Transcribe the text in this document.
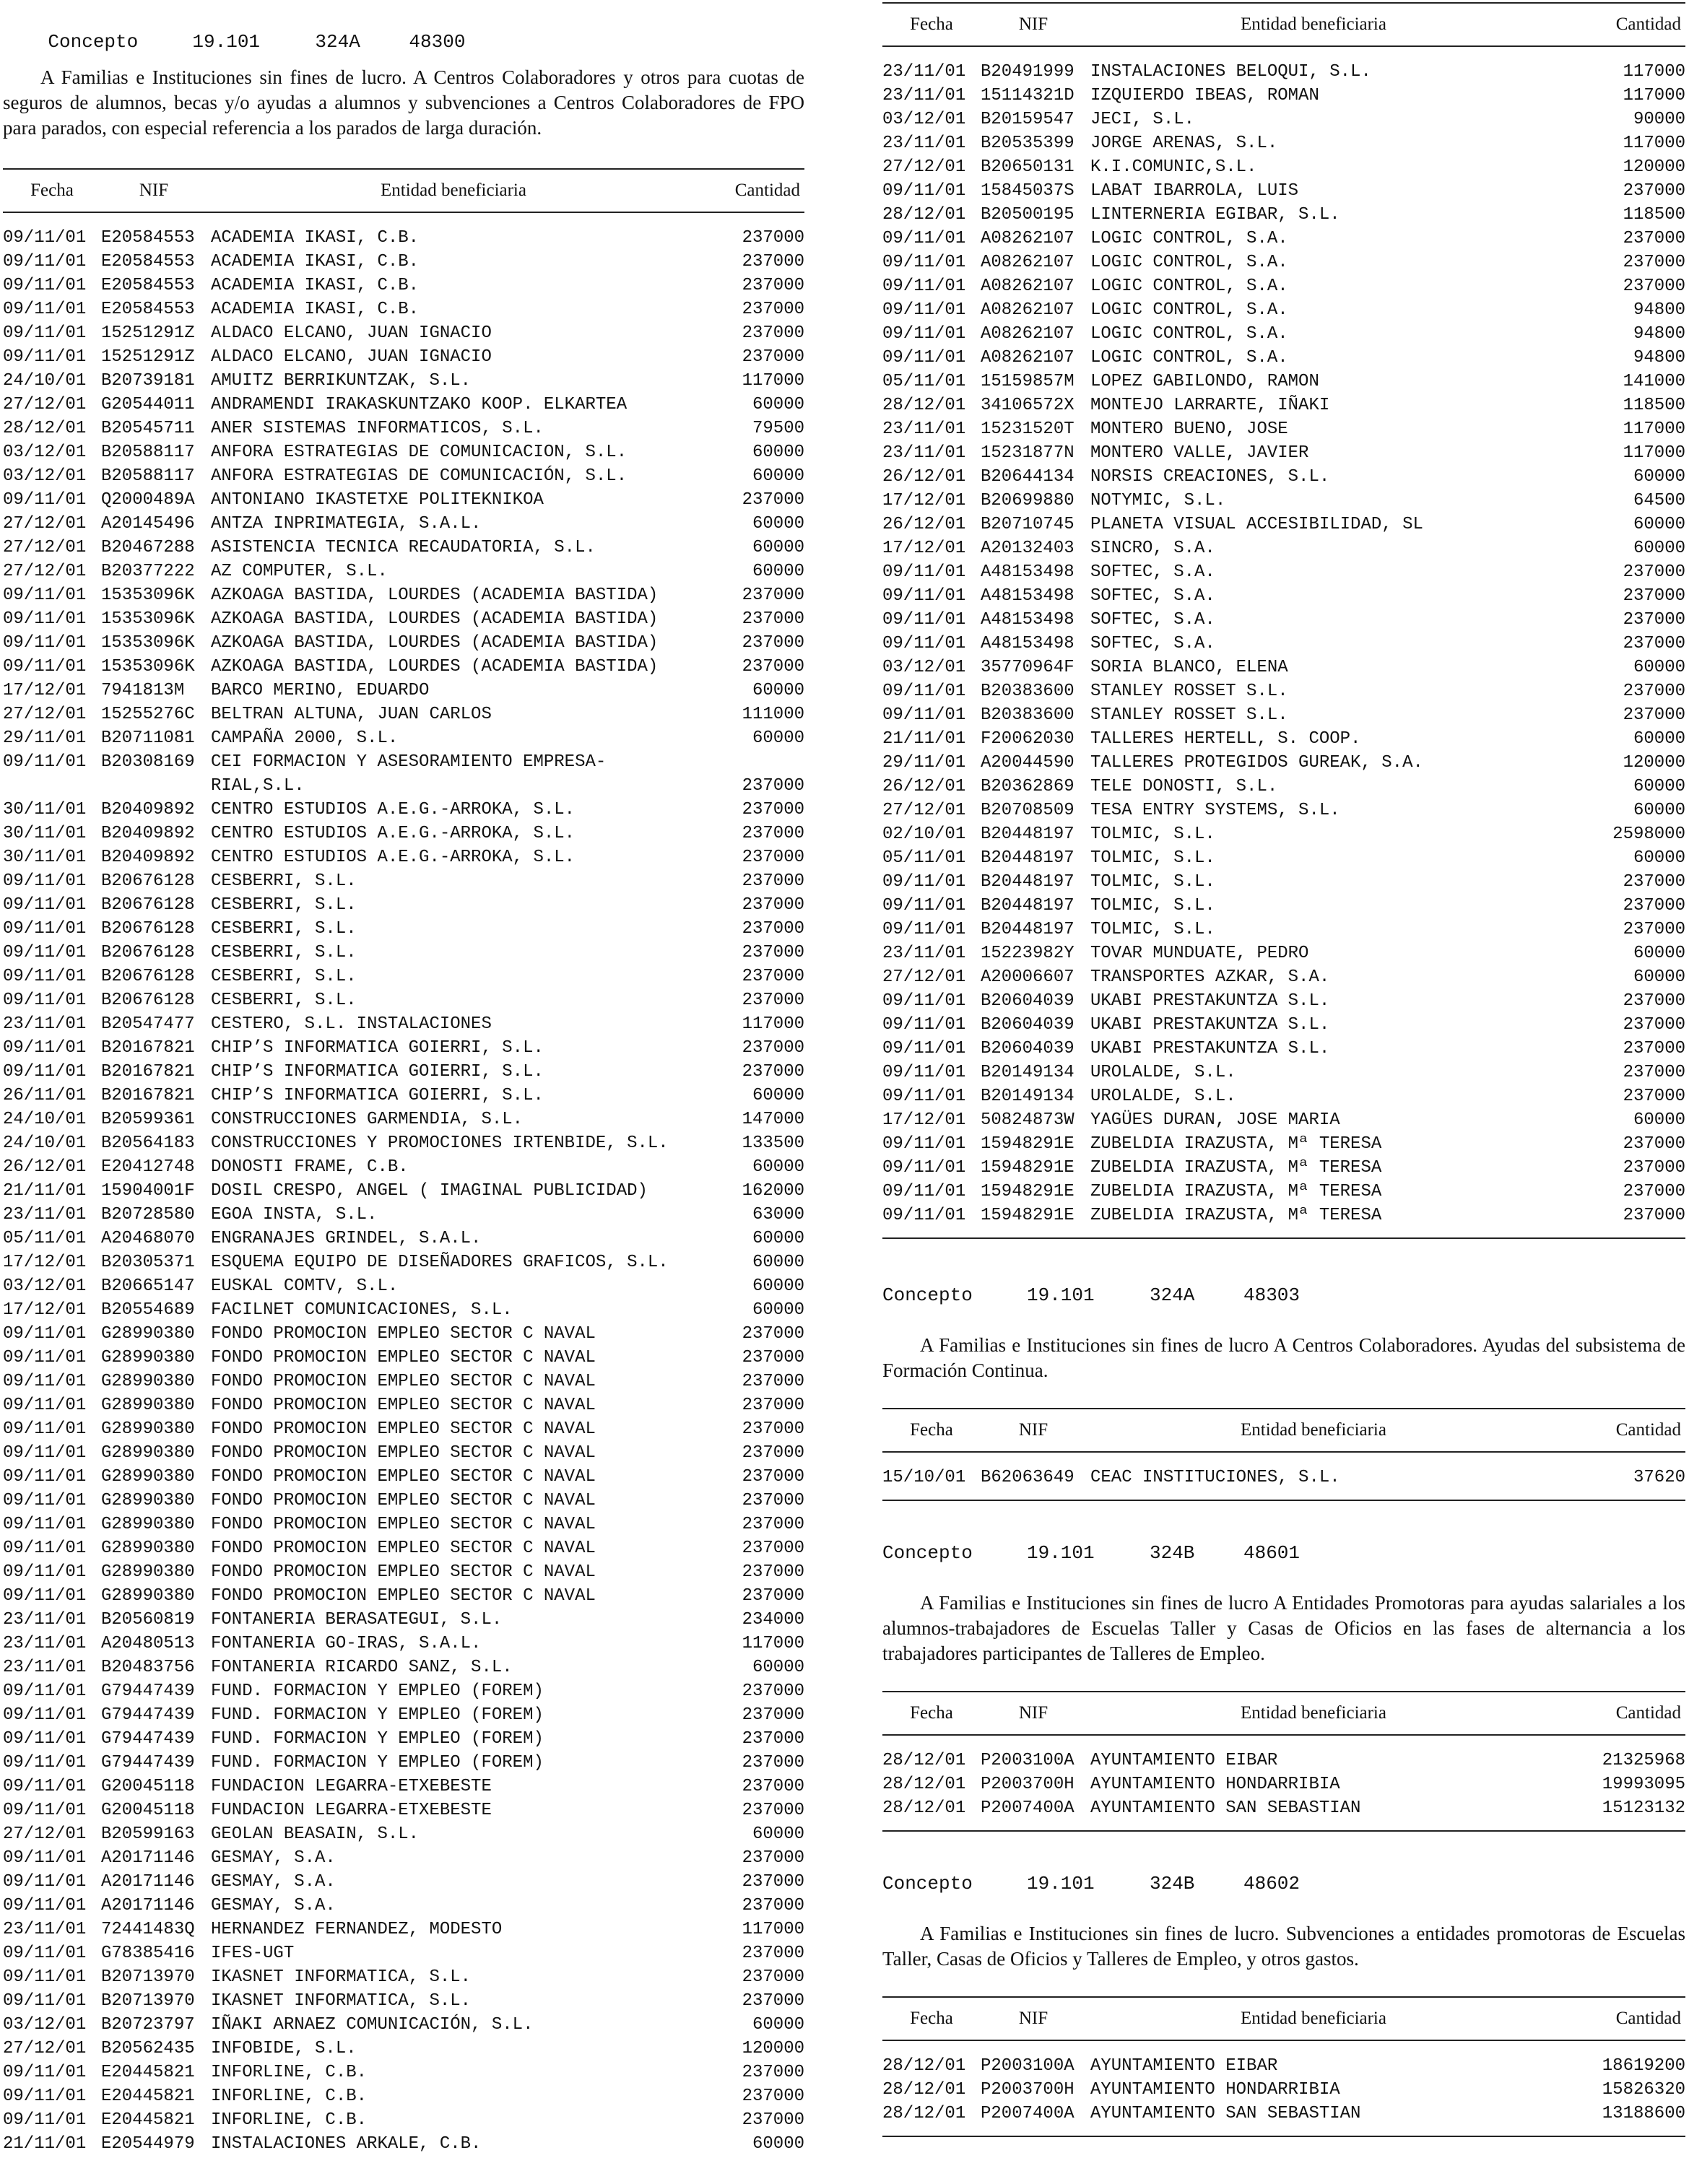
Concepto	19.101	324A	48300

A Familias e Instituciones sin fines de lucro. A Centros Colaboradores y otros para cuotas de seguros de alumnos, becas y/o ayudas a alumnos y subvenciones a Centros Colaboradores de FPO para parados, con especial referencia a los parados de larga duración.

Fecha	NIF	Entidad beneficiaria	Cantidad
09/11/01	E20584553	ACADEMIA IKASI, C.B.	237000
09/11/01	E20584553	ACADEMIA IKASI, C.B.	237000
09/11/01	E20584553	ACADEMIA IKASI, C.B.	237000
09/11/01	E20584553	ACADEMIA IKASI, C.B.	237000
09/11/01	15251291Z	ALDACO ELCANO, JUAN IGNACIO	237000
09/11/01	15251291Z	ALDACO ELCANO, JUAN IGNACIO	237000
24/10/01	B20739181	AMUITZ BERRIKUNTZAK, S.L.	117000
27/12/01	G20544011	ANDRAMENDI IRAKASKUNTZAKO KOOP. ELKARTEA	60000
28/12/01	B20545711	ANER SISTEMAS INFORMATICOS, S.L.	79500
03/12/01	B20588117	ANFORA ESTRATEGIAS DE COMUNICACION, S.L.	60000
03/12/01	B20588117	ANFORA ESTRATEGIAS DE COMUNICACIÓN, S.L.	60000
09/11/01	Q2000489A	ANTONIANO IKASTETXE POLITEKNIKOA	237000
27/12/01	A20145496	ANTZA INPRIMATEGIA, S.A.L.	60000
27/12/01	B20467288	ASISTENCIA TECNICA RECAUDATORIA, S.L.	60000
27/12/01	B20377222	AZ COMPUTER, S.L.	60000
09/11/01	15353096K	AZKOAGA BASTIDA, LOURDES (ACADEMIA BASTIDA)	237000
09/11/01	15353096K	AZKOAGA BASTIDA, LOURDES (ACADEMIA BASTIDA)	237000
09/11/01	15353096K	AZKOAGA BASTIDA, LOURDES (ACADEMIA BASTIDA)	237000
09/11/01	15353096K	AZKOAGA BASTIDA, LOURDES (ACADEMIA BASTIDA)	237000
17/12/01	7941813M	BARCO MERINO, EDUARDO	60000
27/12/01	15255276C	BELTRAN ALTUNA, JUAN CARLOS	111000
29/11/01	B20711081	CAMPAÑA 2000, S.L.	60000
09/11/01	B20308169	CEI FORMACION Y ASESORAMIENTO EMPRESA-
RIAL,S.L.	237000
30/11/01	B20409892	CENTRO ESTUDIOS A.E.G.-ARROKA, S.L.	237000
30/11/01	B20409892	CENTRO ESTUDIOS A.E.G.-ARROKA, S.L.	237000
30/11/01	B20409892	CENTRO ESTUDIOS A.E.G.-ARROKA, S.L.	237000
09/11/01	B20676128	CESBERRI, S.L.	237000
09/11/01	B20676128	CESBERRI, S.L.	237000
09/11/01	B20676128	CESBERRI, S.L.	237000
09/11/01	B20676128	CESBERRI, S.L.	237000
09/11/01	B20676128	CESBERRI, S.L.	237000
09/11/01	B20676128	CESBERRI, S.L.	237000
23/11/01	B20547477	CESTERO, S.L. INSTALACIONES	117000
09/11/01	B20167821	CHIP’S INFORMATICA GOIERRI, S.L.	237000
09/11/01	B20167821	CHIP’S INFORMATICA GOIERRI, S.L.	237000
26/11/01	B20167821	CHIP’S INFORMATICA GOIERRI, S.L.	60000
24/10/01	B20599361	CONSTRUCCIONES GARMENDIA, S.L.	147000
24/10/01	B20564183	CONSTRUCCIONES Y PROMOCIONES IRTENBIDE, S.L.	133500
26/12/01	E20412748	DONOSTI FRAME, C.B.	60000
21/11/01	15904001F	DOSIL CRESPO, ANGEL ( IMAGINAL PUBLICIDAD)	162000
23/11/01	B20728580	EGOA INSTA, S.L.	63000
05/11/01	A20468070	ENGRANAJES GRINDEL, S.A.L.	60000
17/12/01	B20305371	ESQUEMA EQUIPO DE DISEÑADORES GRAFICOS, S.L.	60000
03/12/01	B20665147	EUSKAL COMTV, S.L.	60000
17/12/01	B20554689	FACILNET COMUNICACIONES, S.L.	60000
09/11/01	G28990380	FONDO PROMOCION EMPLEO SECTOR C NAVAL	237000
09/11/01	G28990380	FONDO PROMOCION EMPLEO SECTOR C NAVAL	237000
09/11/01	G28990380	FONDO PROMOCION EMPLEO SECTOR C NAVAL	237000
09/11/01	G28990380	FONDO PROMOCION EMPLEO SECTOR C NAVAL	237000
09/11/01	G28990380	FONDO PROMOCION EMPLEO SECTOR C NAVAL	237000
09/11/01	G28990380	FONDO PROMOCION EMPLEO SECTOR C NAVAL	237000
09/11/01	G28990380	FONDO PROMOCION EMPLEO SECTOR C NAVAL	237000
09/11/01	G28990380	FONDO PROMOCION EMPLEO SECTOR C NAVAL	237000
09/11/01	G28990380	FONDO PROMOCION EMPLEO SECTOR C NAVAL	237000
09/11/01	G28990380	FONDO PROMOCION EMPLEO SECTOR C NAVAL	237000
09/11/01	G28990380	FONDO PROMOCION EMPLEO SECTOR C NAVAL	237000
09/11/01	G28990380	FONDO PROMOCION EMPLEO SECTOR C NAVAL	237000
23/11/01	B20560819	FONTANERIA BERASATEGUI, S.L.	234000
23/11/01	A20480513	FONTANERIA GO-IRAS, S.A.L.	117000
23/11/01	B20483756	FONTANERIA RICARDO SANZ, S.L.	60000
09/11/01	G79447439	FUND. FORMACION Y EMPLEO (FOREM)	237000
09/11/01	G79447439	FUND. FORMACION Y EMPLEO (FOREM)	237000
09/11/01	G79447439	FUND. FORMACION Y EMPLEO (FOREM)	237000
09/11/01	G79447439	FUND. FORMACION Y EMPLEO (FOREM)	237000
09/11/01	G20045118	FUNDACION LEGARRA-ETXEBESTE	237000
09/11/01	G20045118	FUNDACION LEGARRA-ETXEBESTE	237000
27/12/01	B20599163	GEOLAN BEASAIN, S.L.	60000
09/11/01	A20171146	GESMAY, S.A.	237000
09/11/01	A20171146	GESMAY, S.A.	237000
09/11/01	A20171146	GESMAY, S.A.	237000
23/11/01	72441483Q	HERNANDEZ FERNANDEZ, MODESTO	117000
09/11/01	G78385416	IFES-UGT	237000
09/11/01	B20713970	IKASNET INFORMATICA, S.L.	237000
09/11/01	B20713970	IKASNET INFORMATICA, S.L.	237000
03/12/01	B20723797	IÑAKI ARNAEZ COMUNICACIÓN, S.L.	60000
27/12/01	B20562435	INFOBIDE, S.L.	120000
09/11/01	E20445821	INFORLINE, C.B.	237000
09/11/01	E20445821	INFORLINE, C.B.	237000
09/11/01	E20445821	INFORLINE, C.B.	237000
21/11/01	E20544979	INSTALACIONES ARKALE, C.B.	60000
Fecha	NIF	Entidad beneficiaria	Cantidad
23/11/01	B20491999	INSTALACIONES BELOQUI, S.L.	117000
23/11/01	15114321D	IZQUIERDO IBEAS, ROMAN	117000
03/12/01	B20159547	JECI, S.L.	90000
23/11/01	B20535399	JORGE ARENAS, S.L.	117000
27/12/01	B20650131	K.I.COMUNIC,S.L.	120000
09/11/01	15845037S	LABAT IBARROLA, LUIS	237000
28/12/01	B20500195	LINTERNERIA EGIBAR, S.L.	118500
09/11/01	A08262107	LOGIC CONTROL, S.A.	237000
09/11/01	A08262107	LOGIC CONTROL, S.A.	237000
09/11/01	A08262107	LOGIC CONTROL, S.A.	237000
09/11/01	A08262107	LOGIC CONTROL, S.A.	94800
09/11/01	A08262107	LOGIC CONTROL, S.A.	94800
09/11/01	A08262107	LOGIC CONTROL, S.A.	94800
05/11/01	15159857M	LOPEZ GABILONDO, RAMON	141000
28/12/01	34106572X	MONTEJO LARRARTE, IÑAKI	118500
23/11/01	15231520T	MONTERO BUENO, JOSE	117000
23/11/01	15231877N	MONTERO VALLE, JAVIER	117000
26/12/01	B20644134	NORSIS CREACIONES, S.L.	60000
17/12/01	B20699880	NOTYMIC, S.L.	64500
26/12/01	B20710745	PLANETA VISUAL ACCESIBILIDAD, SL	60000
17/12/01	A20132403	SINCRO, S.A.	60000
09/11/01	A48153498	SOFTEC, S.A.	237000
09/11/01	A48153498	SOFTEC, S.A.	237000
09/11/01	A48153498	SOFTEC, S.A.	237000
09/11/01	A48153498	SOFTEC, S.A.	237000
03/12/01	35770964F	SORIA BLANCO, ELENA	60000
09/11/01	B20383600	STANLEY ROSSET S.L.	237000
09/11/01	B20383600	STANLEY ROSSET S.L.	237000
21/11/01	F20062030	TALLERES HERTELL, S. COOP.	60000
29/11/01	A20044590	TALLERES PROTEGIDOS GUREAK, S.A.	120000
26/12/01	B20362869	TELE DONOSTI, S.L.	60000
27/12/01	B20708509	TESA ENTRY SYSTEMS, S.L.	60000
02/10/01	B20448197	TOLMIC, S.L.	2598000
05/11/01	B20448197	TOLMIC, S.L.	60000
09/11/01	B20448197	TOLMIC, S.L.	237000
09/11/01	B20448197	TOLMIC, S.L.	237000
09/11/01	B20448197	TOLMIC, S.L.	237000
23/11/01	15223982Y	TOVAR MUNDUATE, PEDRO	60000
27/12/01	A20006607	TRANSPORTES AZKAR, S.A.	60000
09/11/01	B20604039	UKABI PRESTAKUNTZA S.L.	237000
09/11/01	B20604039	UKABI PRESTAKUNTZA S.L.	237000
09/11/01	B20604039	UKABI PRESTAKUNTZA S.L.	237000
09/11/01	B20149134	UROLALDE, S.L.	237000
09/11/01	B20149134	UROLALDE, S.L.	237000
17/12/01	50824873W	YAGÜES DURAN, JOSE MARIA	60000
09/11/01	15948291E	ZUBELDIA IRAZUSTA, Mª TERESA	237000
09/11/01	15948291E	ZUBELDIA IRAZUSTA, Mª TERESA	237000
09/11/01	15948291E	ZUBELDIA IRAZUSTA, Mª TERESA	237000
09/11/01	15948291E	ZUBELDIA IRAZUSTA, Mª TERESA	237000
Concepto	19.101	324A	48303

A Familias e Instituciones sin fines de lucro A Centros Colaboradores. Ayudas del subsistema de Formación Continua.

Fecha	NIF	Entidad beneficiaria	Cantidad
15/10/01	B62063649	CEAC INSTITUCIONES, S.L.	37620
Concepto	19.101	324B	48601

A Familias e Instituciones sin fines de lucro A Entidades Promotoras para ayudas salariales a los alumnos-trabajadores de Escuelas Taller y Casas de Oficios en las fases de alternancia a los trabajadores participantes de Talleres de Empleo.

Fecha	NIF	Entidad beneficiaria	Cantidad
28/12/01	P2003100A	AYUNTAMIENTO EIBAR	21325968
28/12/01	P2003700H	AYUNTAMIENTO HONDARRIBIA	19993095
28/12/01	P2007400A	AYUNTAMIENTO SAN SEBASTIAN	15123132
Concepto	19.101	324B	48602

A Familias e Instituciones sin fines de lucro. Subvenciones a entidades promotoras de Escuelas Taller, Casas de Oficios y Talleres de Empleo, y otros gastos.

Fecha	NIF	Entidad beneficiaria	Cantidad
28/12/01	P2003100A	AYUNTAMIENTO EIBAR	18619200
28/12/01	P2003700H	AYUNTAMIENTO HONDARRIBIA	15826320
28/12/01	P2007400A	AYUNTAMIENTO SAN SEBASTIAN	13188600
